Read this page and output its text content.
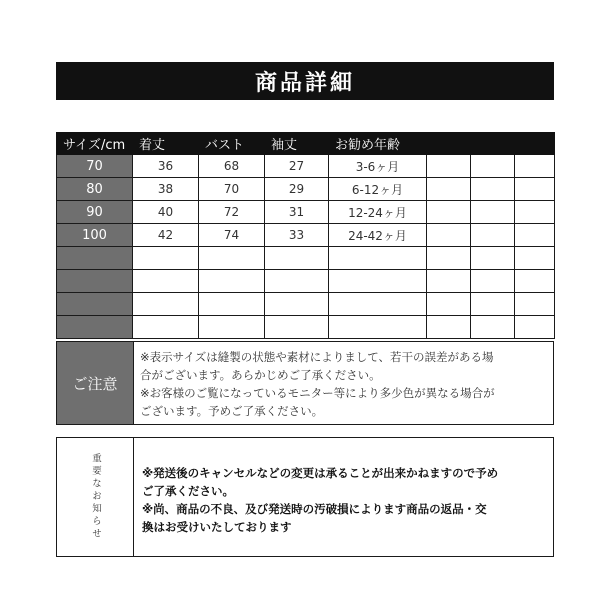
商品詳細
サイズ/cm	着丈	バスト	袖丈	お勧め年齢			
70	36	68	27	3-6ヶ月			
80	38	70	29	6-12ヶ月			
90	40	72	31	12-24ヶ月			
100	42	74	33	24-42ヶ月			

ご注意

※表示サイズは縫製の状態や素材によりまして、若干の誤差がある場

合がございます。あらかじめご了承ください。

※お客様のご覧になっているモニター等により多少色が異なる場合が

ございます。予めご了承ください。

重要なお知らせ	※発送後のキャンセルなどの変更は承ることが出来かねますので予め

ご了承ください。

※尚、商品の不良、及び発送時の汚破損によります商品の返品・交

換はお受けいたしております
